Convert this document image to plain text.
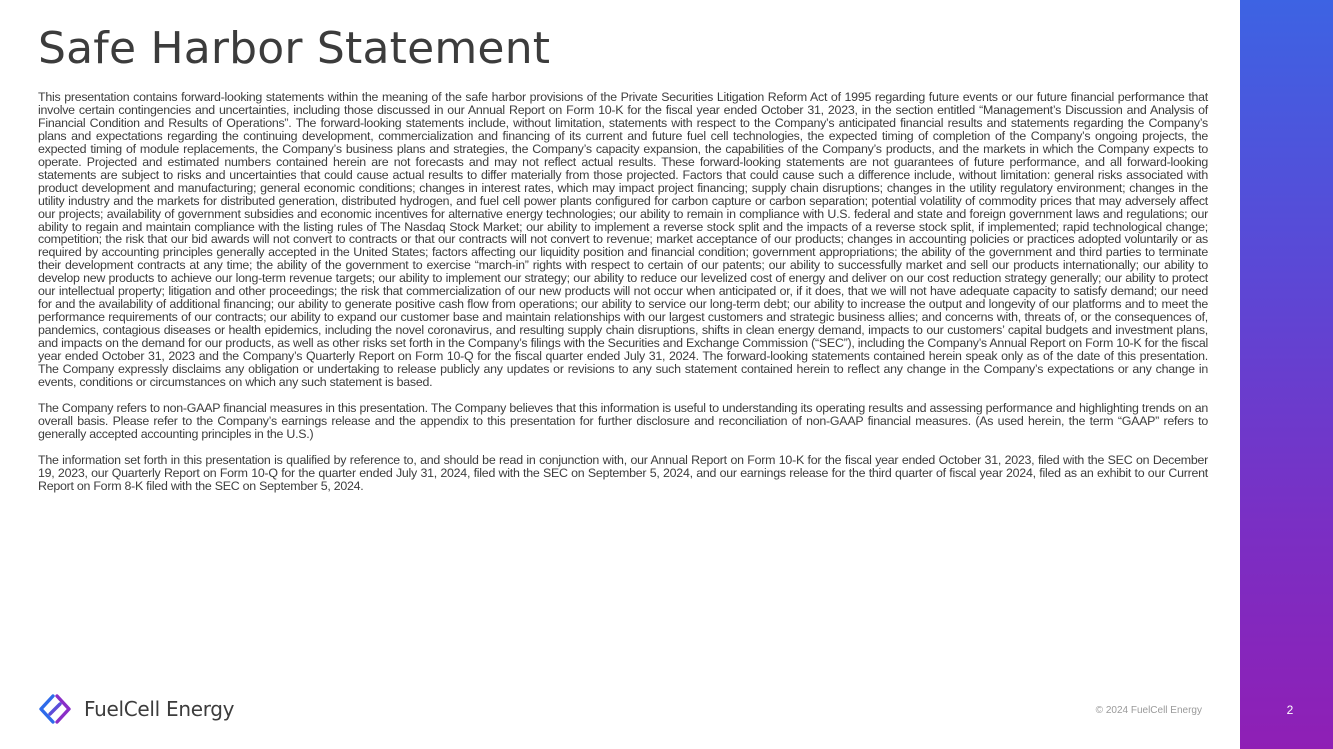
Safe Harbor Statement

This presentation contains forward-looking statements within the meaning of the safe harbor provisions of the Private Securities Litigation Reform Act of 1995 regarding future events or our future financial performance that involve certain contingencies and uncertainties, including those discussed in our Annual Report on Form 10-K for the fiscal year ended October 31, 2023, in the section entitled “Management’s Discussion and Analysis of Financial Condition and Results of Operations”. The forward-looking statements include, without limitation, statements with respect to the Company’s anticipated financial results and statements regarding the Company’s plans and expectations regarding the continuing development, commercialization and financing of its current and future fuel cell technologies, the expected timing of completion of the Company’s ongoing projects, the expected timing of module replacements, the Company’s business plans and strategies, the Company’s capacity expansion, the capabilities of the Company’s products, and the markets in which the Company expects to operate. Projected and estimated numbers contained herein are not forecasts and may not reflect actual results. These forward-looking statements are not guarantees of future performance, and all forward-looking statements are subject to risks and uncertainties that could cause actual results to differ materially from those projected. Factors that could cause such a difference include, without limitation: general risks associated with product development and manufacturing; general economic conditions; changes in interest rates, which may impact project financing; supply chain disruptions; changes in the utility regulatory environment; changes in the utility industry and the markets for distributed generation, distributed hydrogen, and fuel cell power plants configured for carbon capture or carbon separation; potential volatility of commodity prices that may adversely affect our projects; availability of government subsidies and economic incentives for alternative energy technologies; our ability to remain in compliance with U.S. federal and state and foreign government laws and regulations; our ability to regain and maintain compliance with the listing rules of The Nasdaq Stock Market; our ability to implement a reverse stock split and the impacts of a reverse stock split, if implemented; rapid technological change; competition; the risk that our bid awards will not convert to contracts or that our contracts will not convert to revenue; market acceptance of our products; changes in accounting policies or practices adopted voluntarily or as required by accounting principles generally accepted in the United States; factors affecting our liquidity position and financial condition; government appropriations; the ability of the government and third parties to terminate their development contracts at any time; the ability of the government to exercise “march-in” rights with respect to certain of our patents; our ability to successfully market and sell our products internationally; our ability to develop new products to achieve our long-term revenue targets; our ability to implement our strategy; our ability to reduce our levelized cost of energy and deliver on our cost reduction strategy generally; our ability to protect our intellectual property; litigation and other proceedings; the risk that commercialization of our new products will not occur when anticipated or, if it does, that we will not have adequate capacity to satisfy demand; our need for and the availability of additional financing; our ability to generate positive cash flow from operations; our ability to service our long-term debt; our ability to increase the output and longevity of our platforms and to meet the performance requirements of our contracts; our ability to expand our customer base and maintain relationships with our largest customers and strategic business allies; and concerns with, threats of, or the consequences of, pandemics, contagious diseases or health epidemics, including the novel coronavirus, and resulting supply chain disruptions, shifts in clean energy demand, impacts to our customers’ capital budgets and investment plans, and impacts on the demand for our products, as well as other risks set forth in the Company’s filings with the Securities and Exchange Commission (“SEC”), including the Company’s Annual Report on Form 10-K for the fiscal year ended October 31, 2023 and the Company’s Quarterly Report on Form 10-Q for the fiscal quarter ended July 31, 2024. The forward-looking statements contained herein speak only as of the date of this presentation. The Company expressly disclaims any obligation or undertaking to release publicly any updates or revisions to any such statement contained herein to reflect any change in the Company’s expectations or any change in events, conditions or circumstances on which any such statement is based.

The Company refers to non-GAAP financial measures in this presentation. The Company believes that this information is useful to understanding its operating results and assessing performance and highlighting trends on an overall basis. Please refer to the Company’s earnings release and the appendix to this presentation for further disclosure and reconciliation of non-GAAP financial measures. (As used herein, the term “GAAP” refers to generally accepted accounting principles in the U.S.)

The information set forth in this presentation is qualified by reference to, and should be read in conjunction with, our Annual Report on Form 10-K for the fiscal year ended October 31, 2023, filed with the SEC on December 19, 2023, our Quarterly Report on Form 10-Q for the quarter ended July 31, 2024, filed with the SEC on September 5, 2024, and our earnings release for the third quarter of fiscal year 2024, filed as an exhibit to our Current Report on Form 8-K filed with the SEC on September 5, 2024.

FuelCell Energy	© 2024 FuelCell Energy	2
